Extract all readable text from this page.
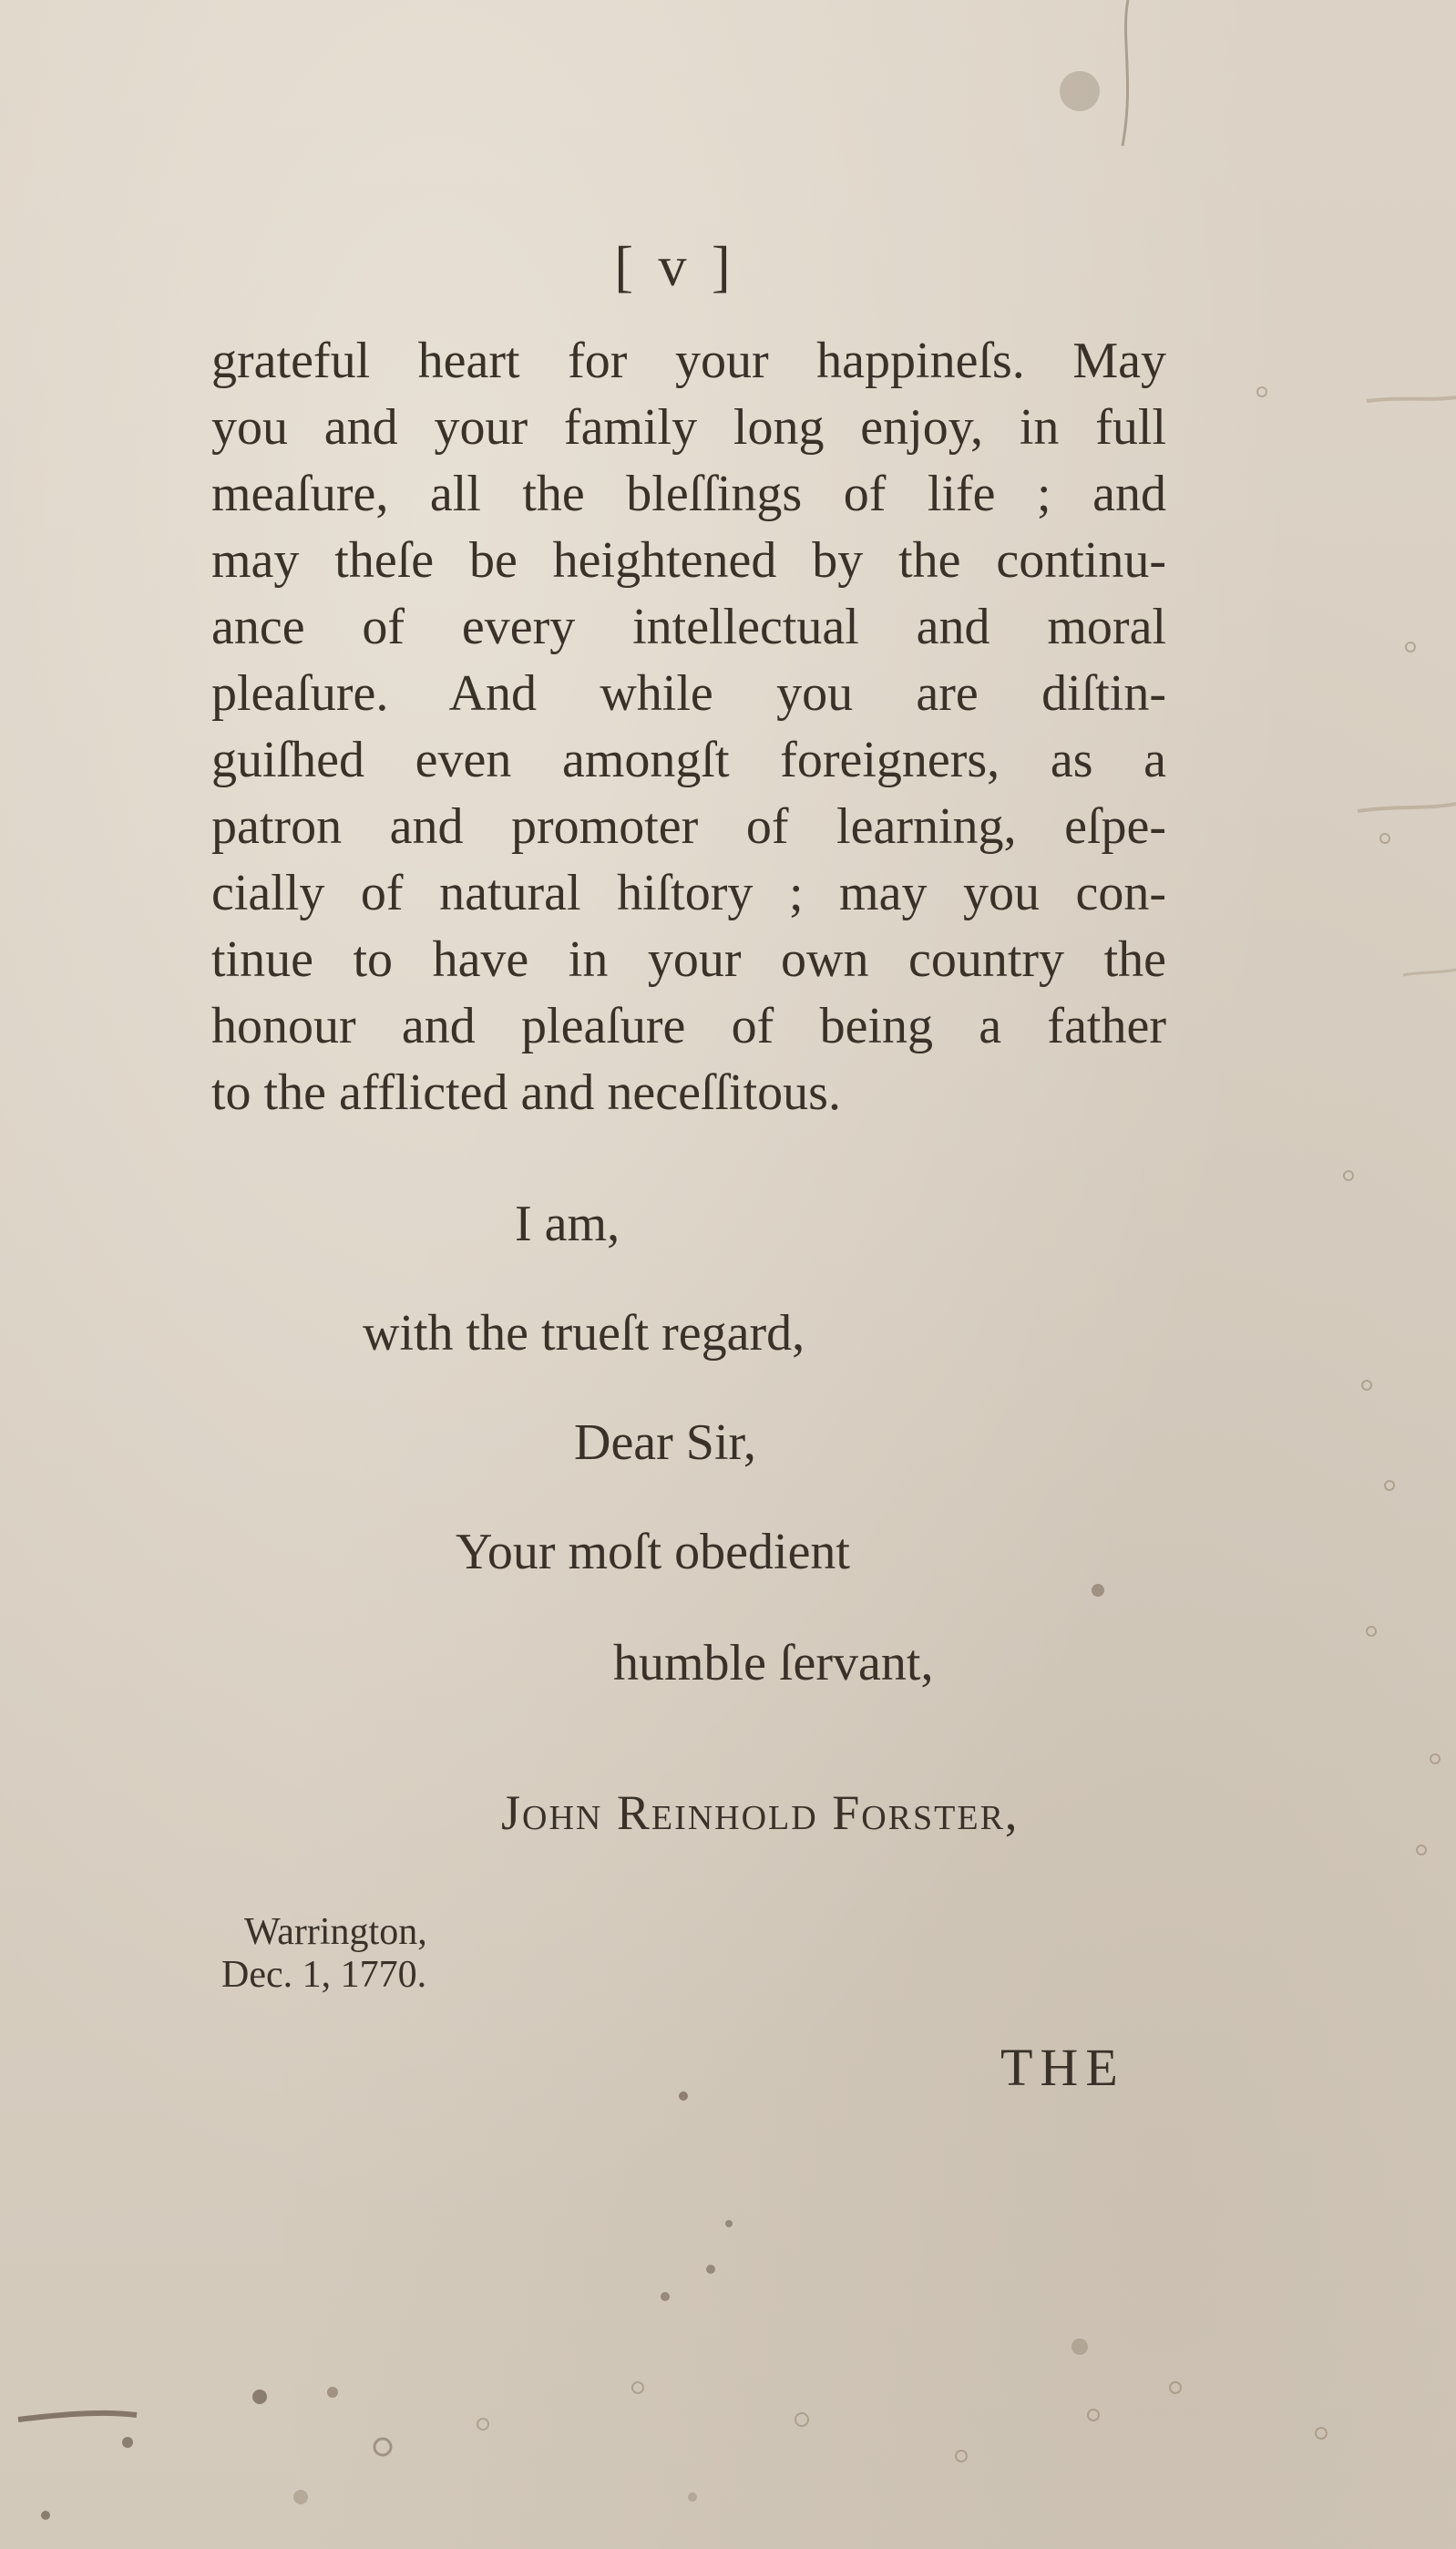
[ v ]
grateful heart for your happineſs. May
you and your family long enjoy, in full
meaſure, all the bleſſings of life ; and
may theſe be heightened by the continu-
ance of every intellectual and moral
pleaſure. And while you are diſtin-
guiſhed even amongſt foreigners, as a
patron and promoter of learning, eſpe-
cially of natural hiſtory ; may you con-
tinue to have in your own country the
honour and pleaſure of being a father
to the afflicted and neceſſitous.
I am,
with the trueſt regard,
Dear Sir,
Your moſt obedient
humble ſervant,
John Reinhold Forster,
Warrington,
Dec. 1, 1770.
THE
